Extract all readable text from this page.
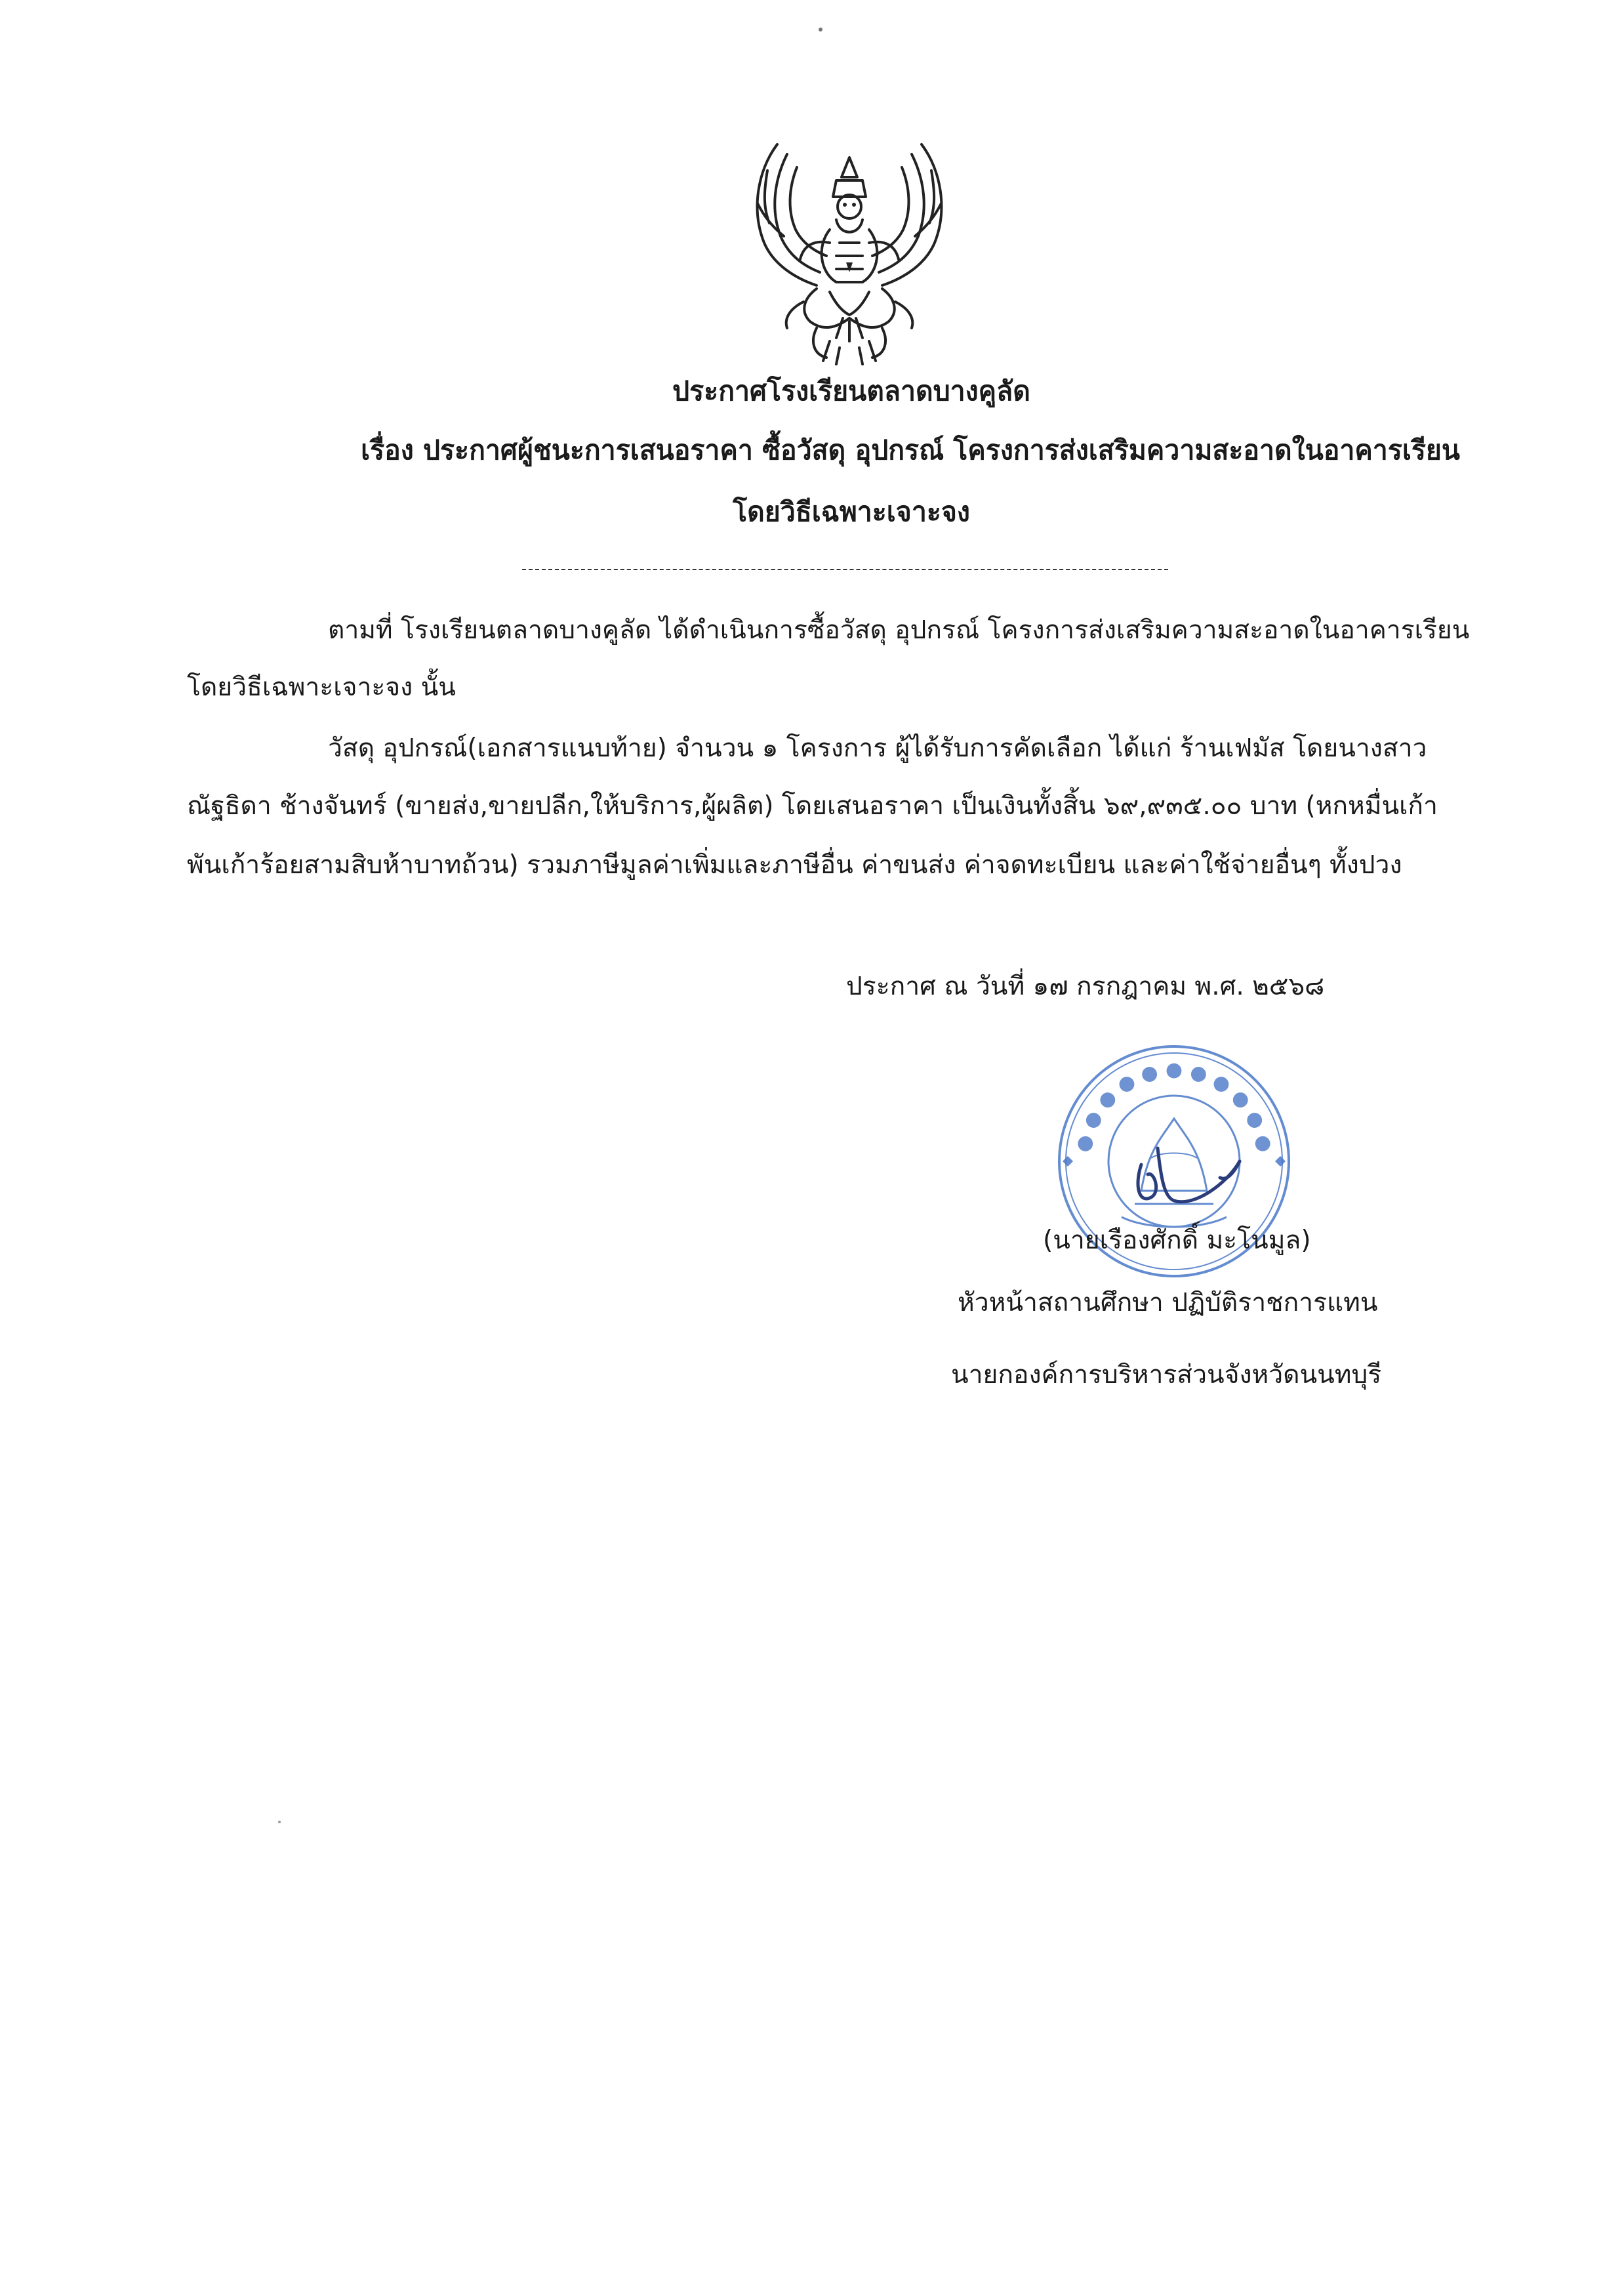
ประกาศโรงเรียนตลาดบางคูลัด
เรื่อง ประกาศผู้ชนะการเสนอราคา ซื้อวัสดุ อุปกรณ์ โครงการส่งเสริมความสะอาดในอาคารเรียน
โดยวิธีเฉพาะเจาะจง
ตามที่ โรงเรียนตลาดบางคูลัด ได้ดำเนินการซื้อวัสดุ อุปกรณ์ โครงการส่งเสริมความสะอาดในอาคารเรียน
โดยวิธีเฉพาะเจาะจง นั้น
วัสดุ อุปกรณ์(เอกสารแนบท้าย) จำนวน ๑ โครงการ ผู้ได้รับการคัดเลือก ได้แก่ ร้านเฟมัส โดยนางสาว
ณัฐธิดา ช้างจันทร์ (ขายส่ง,ขายปลีก,ให้บริการ,ผู้ผลิต) โดยเสนอราคา เป็นเงินทั้งสิ้น ๖๙,๙๓๕.๐๐ บาท (หกหมื่นเก้า
พันเก้าร้อยสามสิบห้าบาทถ้วน) รวมภาษีมูลค่าเพิ่มและภาษีอื่น ค่าขนส่ง ค่าจดทะเบียน และค่าใช้จ่ายอื่นๆ ทั้งปวง
ประกาศ ณ วันที่ ๑๗ กรกฎาคม พ.ศ. ๒๕๖๘
● ● ● ● ● ● ● ● ● ● ●
(นายเรืองศักดิ์ มะโนมูล)
หัวหน้าสถานศึกษา ปฏิบัติราชการแทน
นายกองค์การบริหารส่วนจังหวัดนนทบุรี
